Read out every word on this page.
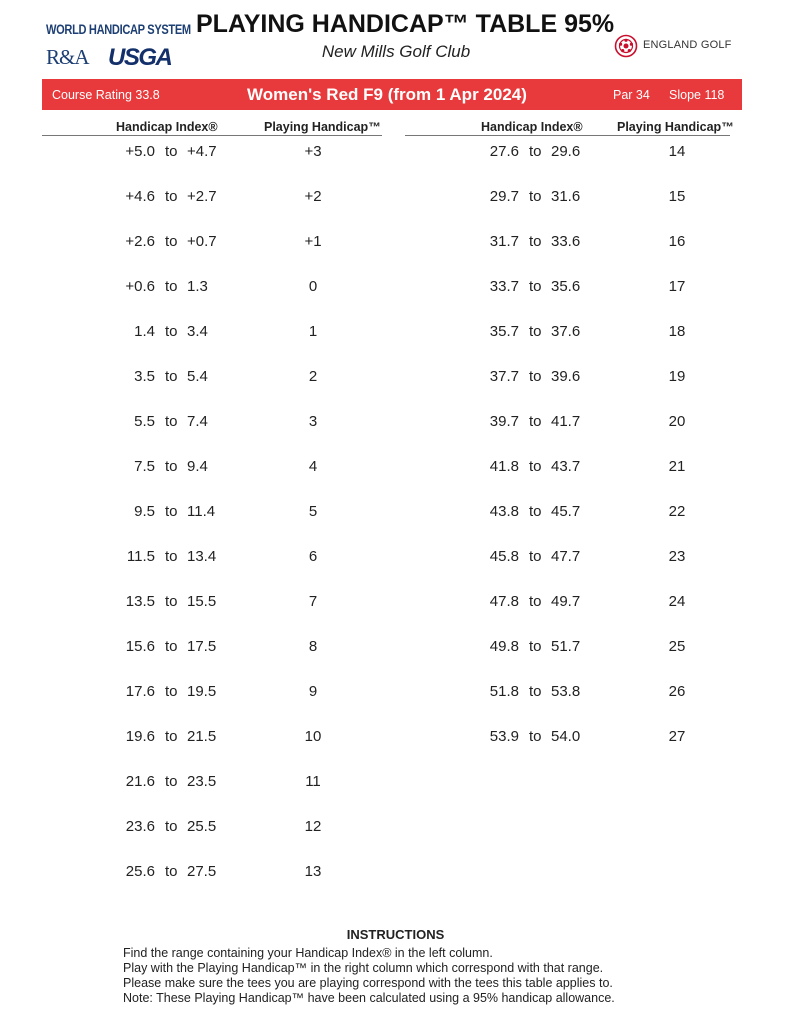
WORLD HANDICAP SYSTEM
R&A USGA
PLAYING HANDICAP™ TABLE 95%
New Mills Golf Club	ENGLAND GOLF
Course Rating 33.8	Women's Red F9 (from 1 Apr 2024)	Par 34 Slope 118
Handicap Index®	Playing Handicap™	Handicap Index®	Playing Handicap™
+5.0 to +4.7	+3
+4.6 to +2.7	+2
+2.6 to +0.7	+1
+0.6 to 1.3	0
1.4 to 3.4	1
3.5 to 5.4	2
5.5 to 7.4	3
7.5 to 9.4	4
9.5 to 11.4	5
11.5 to 13.4	6
13.5 to 15.5	7
15.6 to 17.5	8
17.6 to 19.5	9
19.6 to 21.5	10
21.6 to 23.5	11
23.6 to 25.5	12
25.6 to 27.5	13
27.6 to 29.6	14
29.7 to 31.6	15
31.7 to 33.6	16
33.7 to 35.6	17
35.7 to 37.6	18
37.7 to 39.6	19
39.7 to 41.7	20
41.8 to 43.7	21
43.8 to 45.7	22
45.8 to 47.7	23
47.8 to 49.7	24
49.8 to 51.7	25
51.8 to 53.8	26
53.9 to 54.0	27
INSTRUCTIONS
Find the range containing your Handicap Index® in the left column.
Play with the Playing Handicap™ in the right column which correspond with that range.
Please make sure the tees you are playing correspond with the tees this table applies to.
Note: These Playing Handicap™ have been calculated using a 95% handicap allowance.
